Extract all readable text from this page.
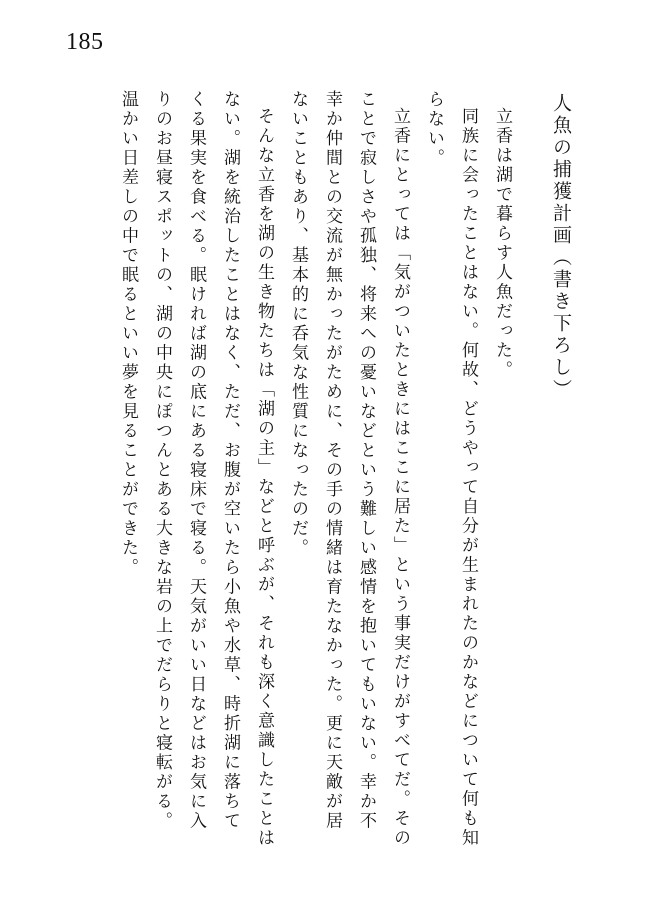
185
人魚の捕獲計画（書き下ろし）

立香は湖で暮らす人魚だった。

同族に会ったことはない。何故、どうやって自分が生まれたのかなどについて何も知らない。

立香にとっては「気がついたときにはここに居た」という事実だけがすべてだ。そのことで寂しさや孤独、将来への憂いなどという難しい感情を抱いてもいない。幸か不幸か仲間との交流が無かったがために、その手の情緒は育たなかった。更に天敵が居ないこともあり、基本的に呑気な性質になったのだ。

そんな立香を湖の生き物たちは「湖の主」などと呼ぶが、それも深く意識したことはない。湖を統治したことはなく、ただ、お腹が空いたら小魚や水草、時折湖に落ちてくる果実を食べる。眠ければ湖の底にある寝床で寝る。天気がいい日などはお気に入りのお昼寝スポットの、湖の中央にぽつんとある大きな岩の上でだらりと寝転がる。温かい日差しの中で眠るといい夢を見ることができた。
